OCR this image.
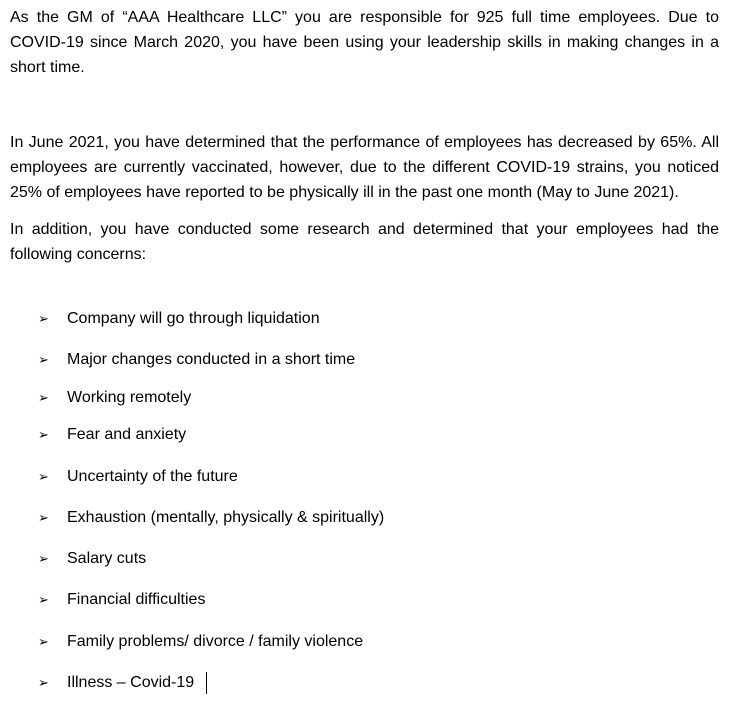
As the GM of “AAA Healthcare LLC” you are responsible for 925 full time employees. Due to COVID-19 since March 2020, you have been using your leadership skills in making changes in a short time.

In June 2021, you have determined that the performance of employees has decreased by 65%. All employees are currently vaccinated, however, due to the different COVID-19 strains, you noticed 25% of employees have reported to be physically ill in the past one month (May to June 2021).

In addition, you have conducted some research and determined that your employees had the following concerns:

➢ Company will go through liquidation
➢ Major changes conducted in a short time
➢ Working remotely
➢ Fear and anxiety
➢ Uncertainty of the future
➢ Exhaustion (mentally, physically & spiritually)
➢ Salary cuts
➢ Financial difficulties
➢ Family problems/ divorce / family violence
➢ Illness – Covid-19
